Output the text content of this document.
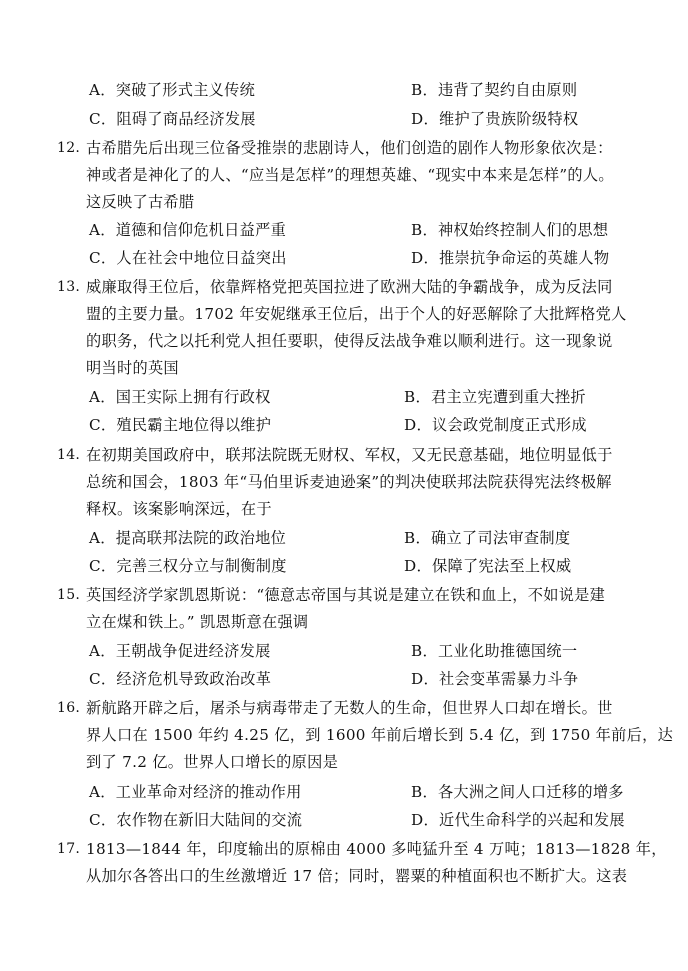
A．突破了形式主义传统	B．违背了契约自由原则
C．阻碍了商品经济发展	D．维护了贵族阶级特权
12. 古希腊先后出现三位备受推崇的悲剧诗人，他们创造的剧作人物形象依次是：
神或者是神化了的人、“应当是怎样”的理想英雄、“现实中本来是怎样”的人。
这反映了古希腊
A．道德和信仰危机日益严重	B．神权始终控制人们的思想
C．人在社会中地位日益突出	D．推崇抗争命运的英雄人物
13. 威廉取得王位后，依靠辉格党把英国拉进了欧洲大陆的争霸战争，成为反法同
盟的主要力量。1702 年安妮继承王位后，出于个人的好恶解除了大批辉格党人
的职务，代之以托利党人担任要职，使得反法战争难以顺利进行。这一现象说
明当时的英国
A．国王实际上拥有行政权	B．君主立宪遭到重大挫折
C．殖民霸主地位得以维护	D．议会政党制度正式形成
14. 在初期美国政府中，联邦法院既无财权、军权，又无民意基础，地位明显低于
总统和国会，1803 年“马伯里诉麦迪逊案”的判决使联邦法院获得宪法终极解
释权。该案影响深远，在于
A．提高联邦法院的政治地位	B．确立了司法审查制度
C．完善三权分立与制衡制度	D．保障了宪法至上权威
15. 英国经济学家凯恩斯说：“德意志帝国与其说是建立在铁和血上，不如说是建
立在煤和铁上。” 凯恩斯意在强调
A．王朝战争促进经济发展	B．工业化助推德国统一
C．经济危机导致政治改革	D．社会变革需暴力斗争
16. 新航路开辟之后，屠杀与病毒带走了无数人的生命，但世界人口却在增长。世
界人口在 1500 年约 4.25 亿，到 1600 年前后增长到 5.4 亿，到 1750 年前后，达
到了 7.2 亿。世界人口增长的原因是
A．工业革命对经济的推动作用	B．各大洲之间人口迁移的增多
C．农作物在新旧大陆间的交流	D．近代生命科学的兴起和发展
17. 1813—1844 年，印度输出的原棉由 4000 多吨猛升至 4 万吨；1813—1828 年，
从加尔各答出口的生丝激增近 17 倍；同时，罂粟的种植面积也不断扩大。这表
